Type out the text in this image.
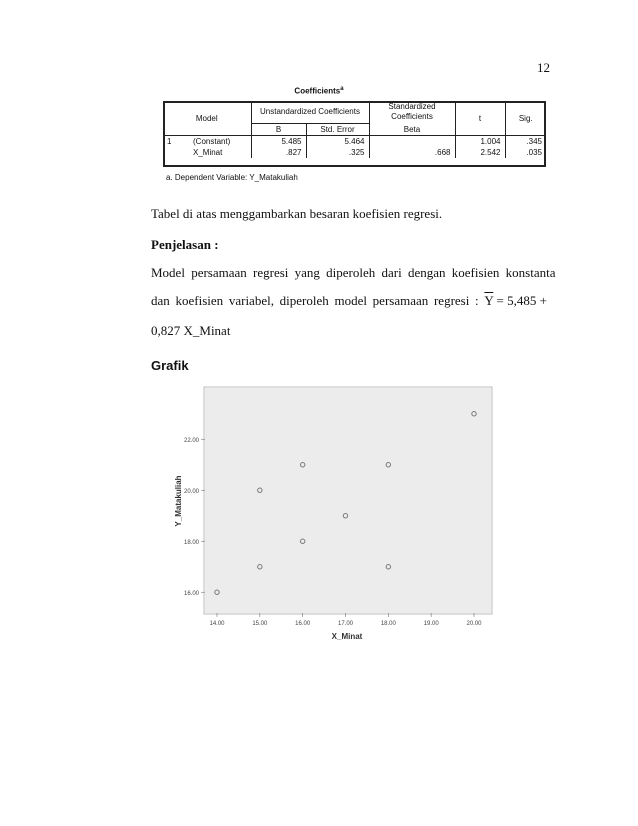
12
Coefficients$^a$
Model		Unstandardized Coefficients		Standardized Coefficients	t	Sig.
		B	Std. Error	Beta		
1	(Constant)	5.485	5.464		1.004	.345
	X_Minat	.827	.325	.668	2.542	.035
a. Dependent Variable: Y_Matakuliah
Tabel di atas menggambarkan besaran koefisien regresi.
Penjelasan :
Model persamaan regresi yang diperoleh dari dengan koefisien konstanta
dan koefisien variabel, diperoleh model persamaan regresi : $\overline{Y} = 5,485$ +
0,827 X_Minat
Grafik
16.00
18.00
20.00
22.00
14.00	15.00	16.00	17.00	18.00	19.00	20.00
X_Minat
Y_Matakuliah
